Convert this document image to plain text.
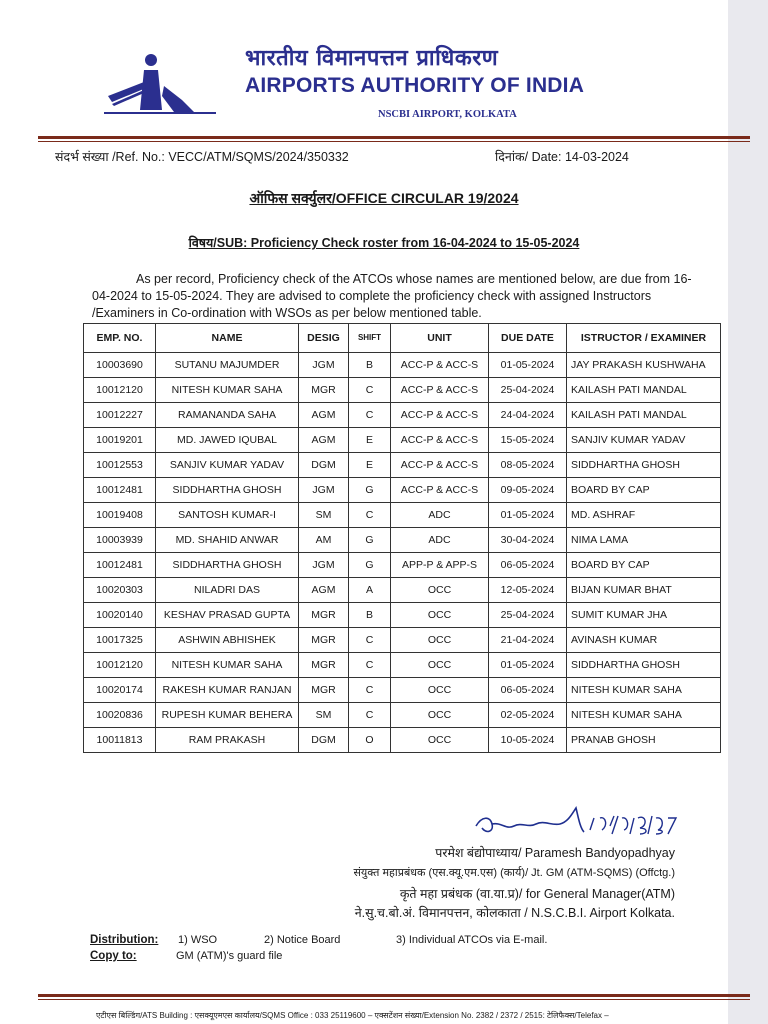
भारतीय विमानपत्तन प्राधिकरण
AIRPORTS AUTHORITY OF INDIA
NSCBI AIRPORT, KOLKATA
संदर्भ संख्या /Ref. No.: VECC/ATM/SQMS/2024/350332	दिनांक/ Date: 14-03-2024
ऑफिस सर्क्युलर/OFFICE CIRCULAR 19/2024
विषय/SUB: Proficiency Check roster from 16-04-2024 to 15-05-2024
As per record, Proficiency check of the ATCOs whose names are mentioned below, are due from 16-04-2024 to 15-05-2024. They are advised to complete the proficiency check with assigned Instructors /Examiners in Co-ordination with WSOs as per below mentioned table.
EMP. NO.	NAME	DESIG	SHIFT	UNIT	DUE DATE	ISTRUCTOR / EXAMINER
10003690	SUTANU MAJUMDER	JGM	B	ACC-P & ACC-S	01-05-2024	JAY PRAKASH KUSHWAHA
10012120	NITESH KUMAR SAHA	MGR	C	ACC-P & ACC-S	25-04-2024	KAILASH PATI MANDAL
10012227	RAMANANDA SAHA	AGM	C	ACC-P & ACC-S	24-04-2024	KAILASH PATI MANDAL
10019201	MD. JAWED IQUBAL	AGM	E	ACC-P & ACC-S	15-05-2024	SANJIV KUMAR YADAV
10012553	SANJIV KUMAR YADAV	DGM	E	ACC-P & ACC-S	08-05-2024	SIDDHARTHA GHOSH
10012481	SIDDHARTHA GHOSH	JGM	G	ACC-P & ACC-S	09-05-2024	BOARD BY CAP
10019408	SANTOSH KUMAR-I	SM	C	ADC	01-05-2024	MD. ASHRAF
10003939	MD. SHAHID ANWAR	AM	G	ADC	30-04-2024	NIMA LAMA
10012481	SIDDHARTHA GHOSH	JGM	G	APP-P & APP-S	06-05-2024	BOARD BY CAP
10020303	NILADRI DAS	AGM	A	OCC	12-05-2024	BIJAN KUMAR BHAT
10020140	KESHAV PRASAD GUPTA	MGR	B	OCC	25-04-2024	SUMIT KUMAR JHA
10017325	ASHWIN ABHISHEK	MGR	C	OCC	21-04-2024	AVINASH KUMAR
10012120	NITESH KUMAR SAHA	MGR	C	OCC	01-05-2024	SIDDHARTHA GHOSH
10020174	RAKESH KUMAR RANJAN	MGR	C	OCC	06-05-2024	NITESH KUMAR SAHA
10020836	RUPESH KUMAR BEHERA	SM	C	OCC	02-05-2024	NITESH KUMAR SAHA
10011813	RAM PRAKASH	DGM	O	OCC	10-05-2024	PRANAB GHOSH
परमेश बंद्योपाध्याय/ Paramesh Bandyopadhyay
संयुक्त महाप्रबंधक (एस.क्यू.एम.एस) (कार्य)/ Jt. GM (ATM-SQMS) (Offctg.)
कृते महा प्रबंधक (वा.या.प्र)/ for General Manager(ATM)
ने.सु.च.बो.अं. विमानपत्तन, कोलकाता / N.S.C.B.I. Airport Kolkata.
Distribution: 1) WSO	2) Notice Board	3) Individual ATCOs via E-mail.
Copy to:	GM (ATM)'s guard file
एटीएस बिल्डिंग/ATS Building : एसक्यूएमएस कार्यालय/SQMS Office : 033 25119600 – एक्सटेंशन संख्या/Extension No. 2382 / 2372 / 2515: टेलिफैक्स/Telefax –
